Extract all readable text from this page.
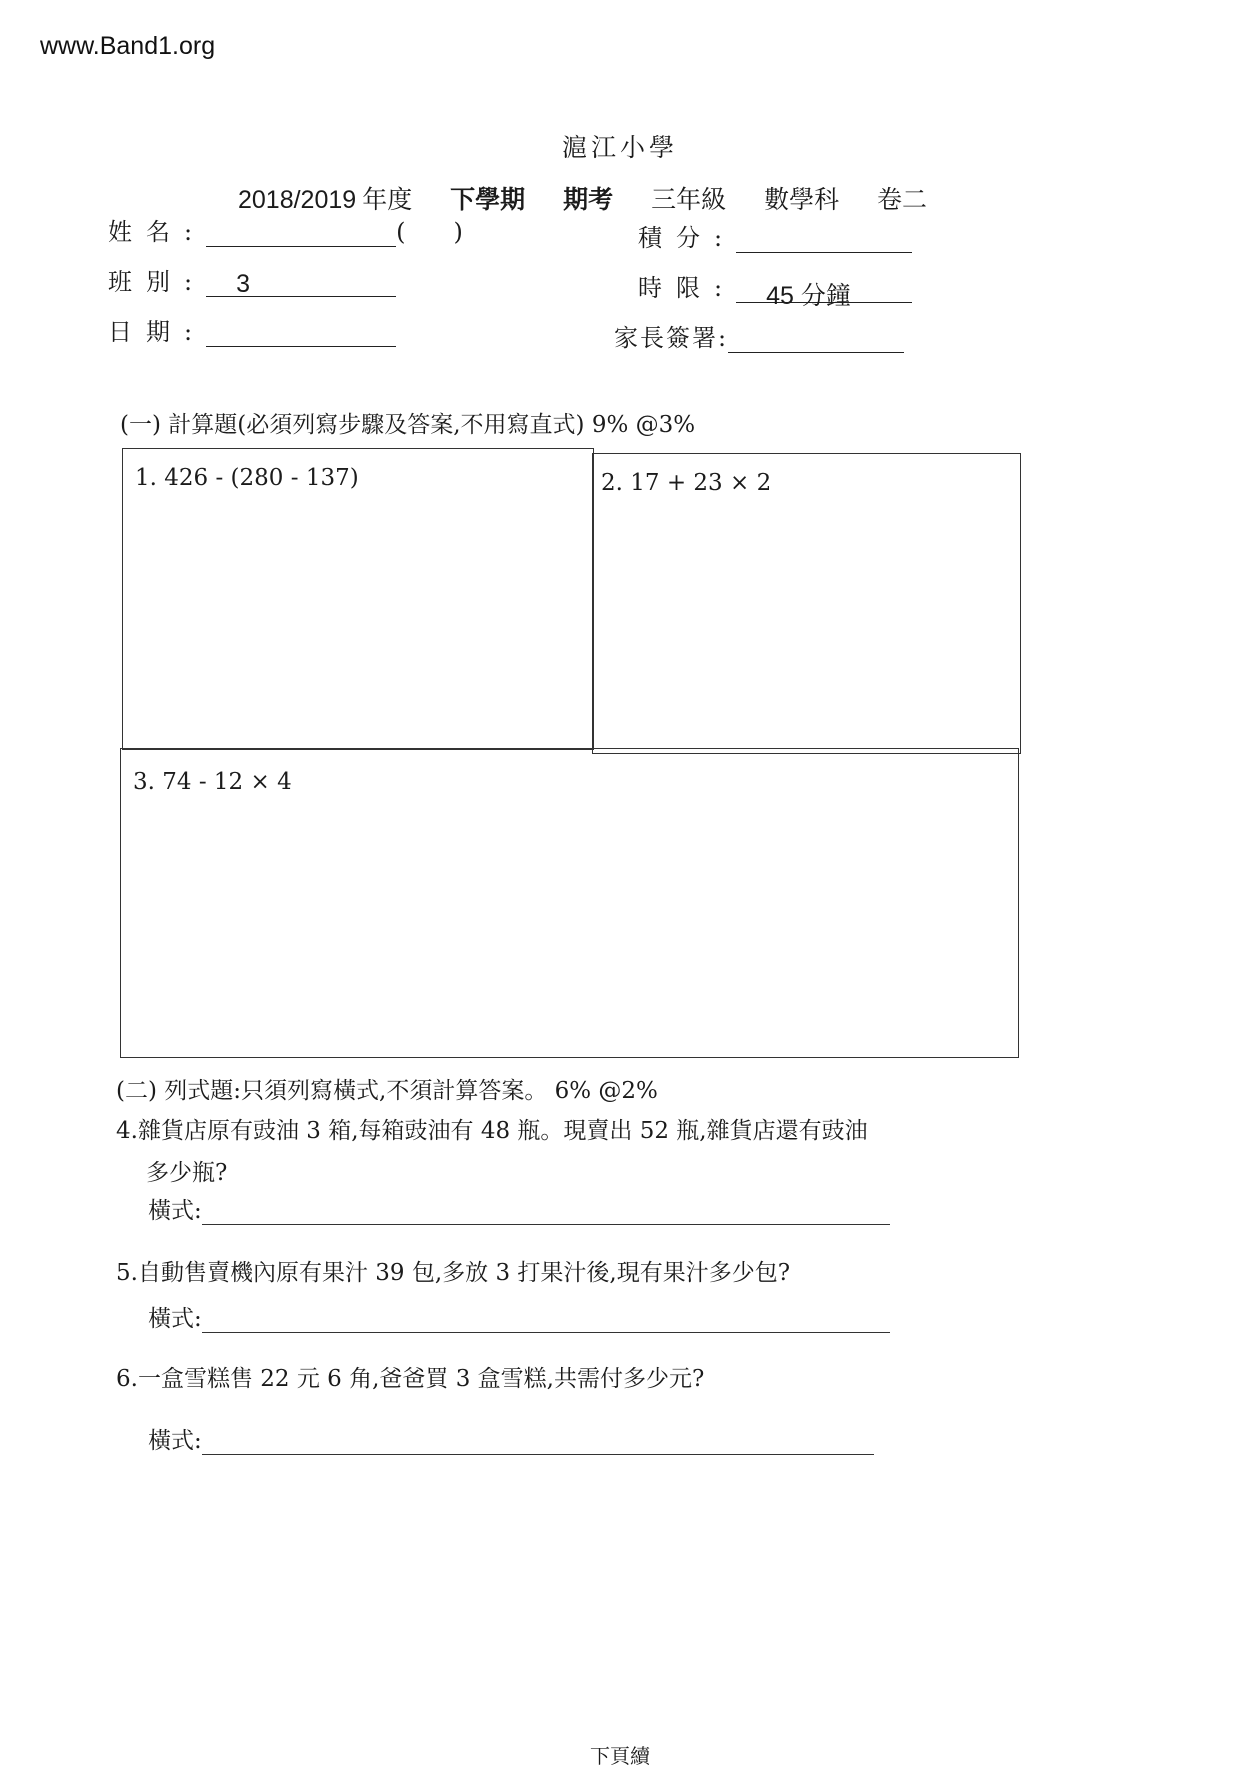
www.Band1.org
滬江小學
2018/2019 年度 下學期 期考 三年級 數學科 卷二
姓名:	(　　)
班別: 3
日期:
積分:
時限: 45 分鐘
家長簽署:
(一) 計算題(必須列寫步驟及答案,不用寫直式) 9% @3%
1. 426 - (280 - 137)	2. 17 + 23 × 2
3. 74 - 12 × 4
(二) 列式題:只須列寫橫式,不須計算答案。 6% @2%
4.雜貨店原有豉油 3 箱,每箱豉油有 48 瓶。現賣出 52 瓶,雜貨店還有豉油
多少瓶?
橫式:
5.自動售賣機內原有果汁 39 包,多放 3 打果汁後,現有果汁多少包?
橫式:
6.一盒雪糕售 22 元 6 角,爸爸買 3 盒雪糕,共需付多少元?
橫式:
下頁續
